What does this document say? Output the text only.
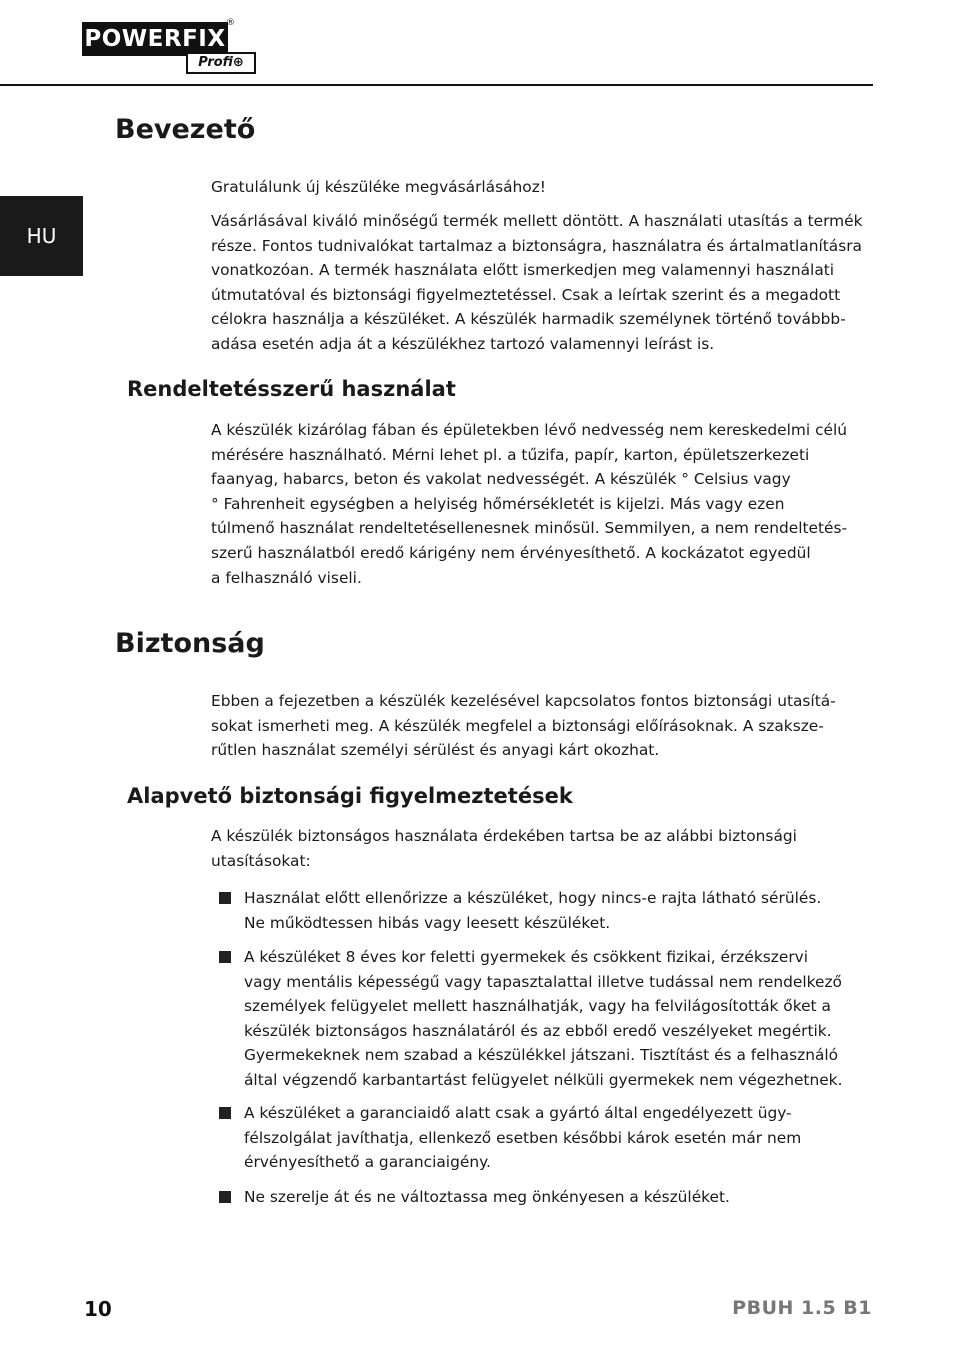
POWERFIX
®
Profi⊕
HU
Bevezető
Gratulálunk új készüléke megvásárlásához!
Vásárlásával kiváló minőségű termék mellett döntött. A használati utasítás a termék
része. Fontos tudnivalókat tartalmaz a biztonságra, használatra és ártalmatlanításra
vonatkozóan. A termék használata előtt ismerkedjen meg valamennyi használati
útmutatóval és biztonsági figyelmeztetéssel. Csak a leírtak szerint és a megadott
célokra használja a készüléket. A készülék harmadik személynek történő továbbb-
adása esetén adja át a készülékhez tartozó valamennyi leírást is.
Rendeltetésszerű használat
A készülék kizárólag fában és épületekben lévő nedvesség nem kereskedelmi célú
mérésére használható. Mérni lehet pl. a tűzifa, papír, karton, épületszerkezeti
faanyag, habarcs, beton és vakolat nedvességét. A készülék ° Celsius vagy
° Fahrenheit egységben a helyiség hőmérsékletét is kijelzi. Más vagy ezen
túlmenő használat rendeltetésellenesnek minősül. Semmilyen, a nem rendeltetés-
szerű használatból eredő kárigény nem érvényesíthető. A kockázatot egyedül
a felhasználó viseli.
Biztonság
Ebben a fejezetben a készülék kezelésével kapcsolatos fontos biztonsági utasítá-
sokat ismerheti meg. A készülék megfelel a biztonsági előírásoknak. A szaksze-
rűtlen használat személyi sérülést és anyagi kárt okozhat.
Alapvető biztonsági figyelmeztetések
A készülék biztonságos használata érdekében tartsa be az alábbi biztonsági
utasításokat:
Használat előtt ellenőrizze a készüléket, hogy nincs-e rajta látható sérülés.
Ne működtessen hibás vagy leesett készüléket.
A készüléket 8 éves kor feletti gyermekek és csökkent fizikai, érzékszervi
vagy mentális képességű vagy tapasztalattal illetve tudással nem rendelkező
személyek felügyelet mellett használhatják, vagy ha felvilágosították őket a
készülék biztonságos használatáról és az ebből eredő veszélyeket megértik.
Gyermekeknek nem szabad a készülékkel játszani. Tisztítást és a felhasználó
által végzendő karbantartást felügyelet nélküli gyermekek nem végezhetnek.
A készüléket a garanciaidő alatt csak a gyártó által engedélyezett ügy-
félszolgálat javíthatja, ellenkező esetben későbbi károk esetén már nem
érvényesíthető a garanciaigény.
Ne szerelje át és ne változtassa meg önkényesen a készüléket.
10	PBUH 1.5 B1
